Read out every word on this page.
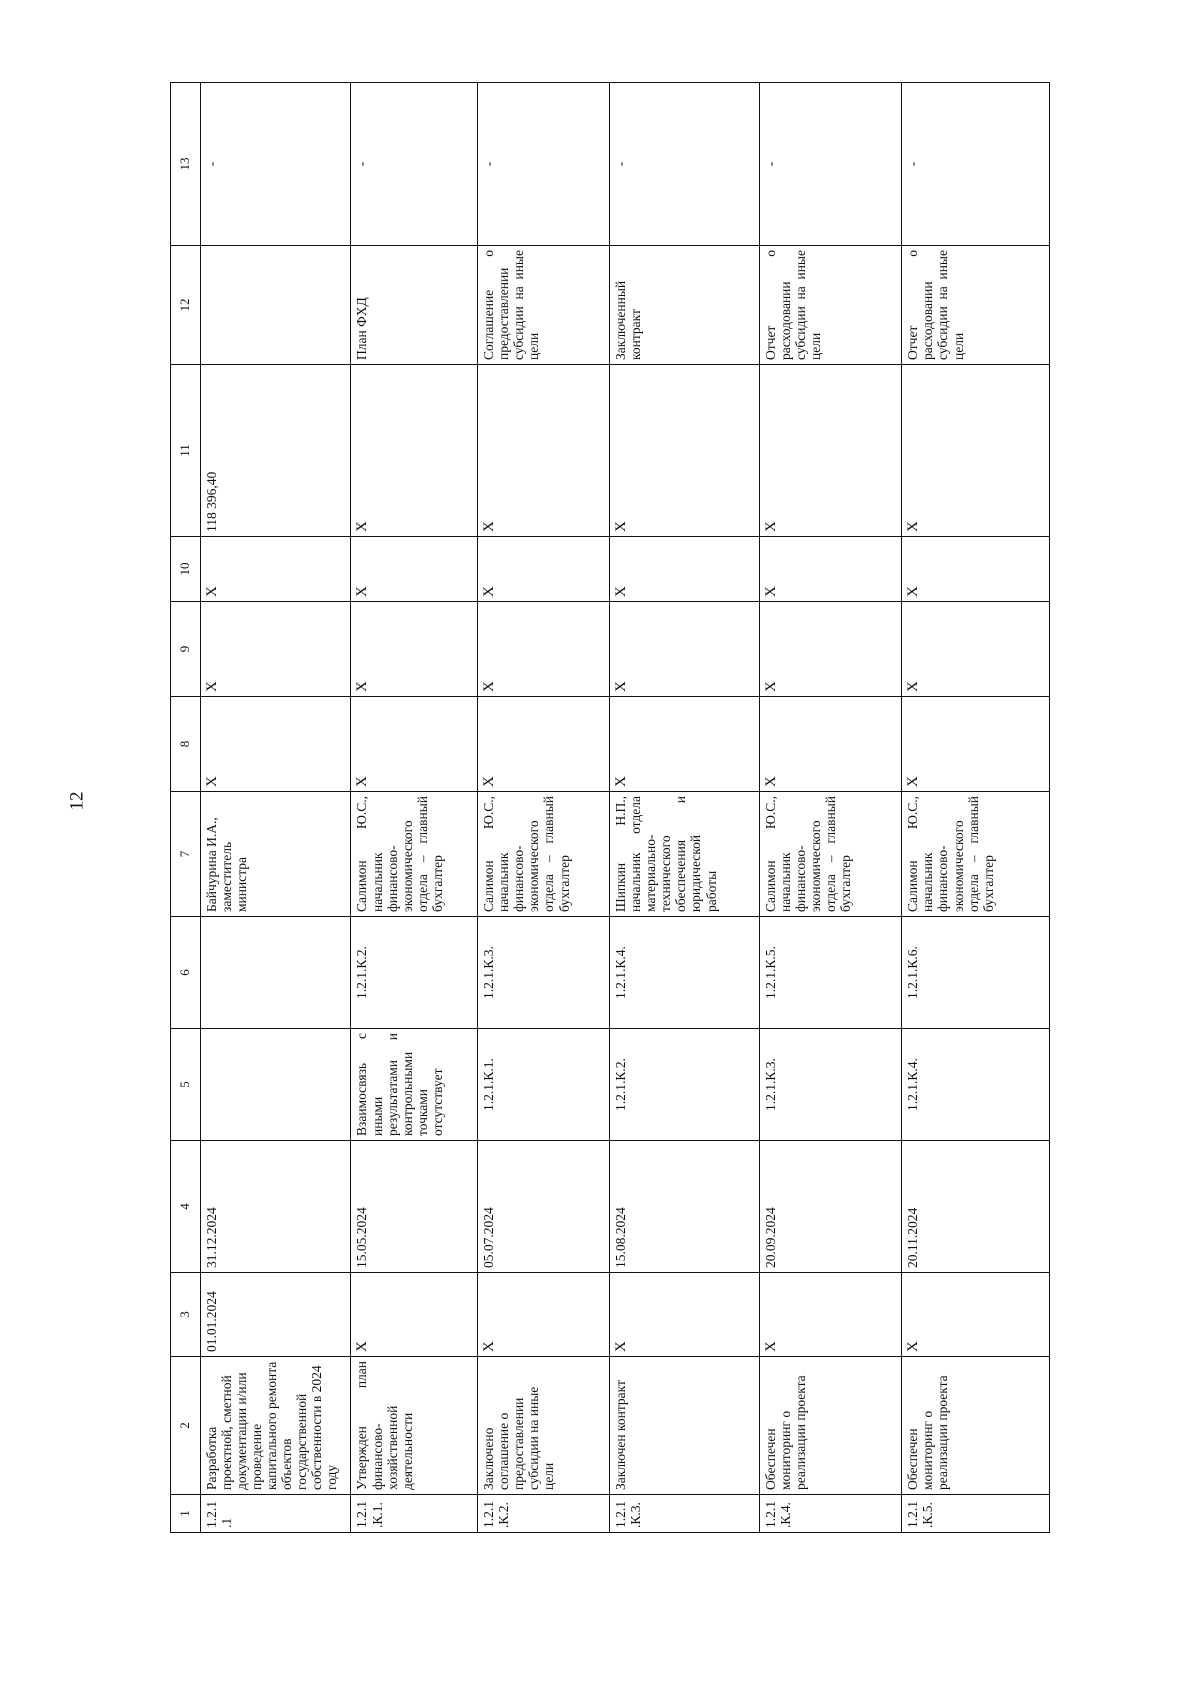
12
1	2	3	4	5	6	7	8	9	10	11	12	13
1.2.1.1	Разработка проектной, сметной документации и/или проведение капитального ремонта объектов государственной собственности в 2024 году	01.01.2024	31.12.2024			Байчурина И.А., заместитель министра	X	X	X	118 396,40		-
1.2.1.К.1.	Утвержден план финансово-хозяйственной деятельности	X	15.05.2024	Взаимосвязь с иными результатами и контрольными точками отсутствует	1.2.1.К.2.	Салимон Ю.С., начальник финансово-экономического отдела – главный бухгалтер	X	X	X	X	План ФХД	-
1.2.1.К.2.	Заключено соглашение о предоставлении субсидии на иные цели	X	05.07.2024	1.2.1.К.1.	1.2.1.К.3.	Салимон Ю.С., начальник финансово-экономического отдела – главный бухгалтер	X	X	X	X	Соглашение о предоставлении субсидии на иные цели	-
1.2.1.К.3.	Заключен контракт	X	15.08.2024	1.2.1.К.2.	1.2.1.К.4.	Шипкин Н.П., начальник отдела материально-технического обеспечения и юридической работы	X	X	X	X	Заключенный контракт	-
1.2.1.К.4.	Обеспечен мониторинг о реализации проекта	X	20.09.2024	1.2.1.К.3.	1.2.1.К.5.	Салимон Ю.С., начальник финансово-экономического отдела – главный бухгалтер	X	X	X	X	Отчет о расходовании субсидии на иные цели	-
1.2.1.К.5.	Обеспечен мониторинг о реализации проекта	X	20.11.2024	1.2.1.К.4.	1.2.1.К.6.	Салимон Ю.С., начальник финансово-экономического отдела – главный бухгалтер	X	X	X	X	Отчет о расходовании субсидии на иные цели	-
